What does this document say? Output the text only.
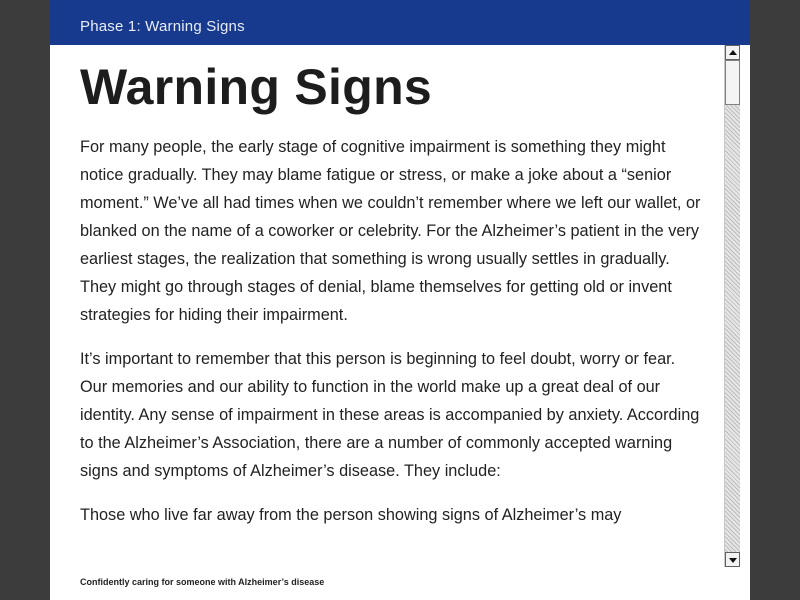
Phase 1: Warning Signs
Warning Signs

For many people, the early stage of cognitive impairment is something they might notice gradually. They may blame fatigue or stress, or make a joke about a “senior moment.” We’ve all had times when we couldn’t remember where we left our wallet, or blanked on the name of a coworker or celebrity. For the Alzheimer’s patient in the very earliest stages, the realization that something is wrong usually settles in gradually. They might go through stages of denial, blame themselves for getting old or invent strategies for hiding their impairment.

It’s important to remember that this person is beginning to feel doubt, worry or fear. Our memories and our ability to function in the world make up a great deal of our identity. Any sense of impairment in these areas is accompanied by anxiety. According to the Alzheimer’s Association, there are a number of commonly accepted warning signs and symptoms of Alzheimer’s disease. They include:

Those who live far away from the person showing signs of Alzheimer’s may

Confidently caring for someone with Alzheimer’s disease
